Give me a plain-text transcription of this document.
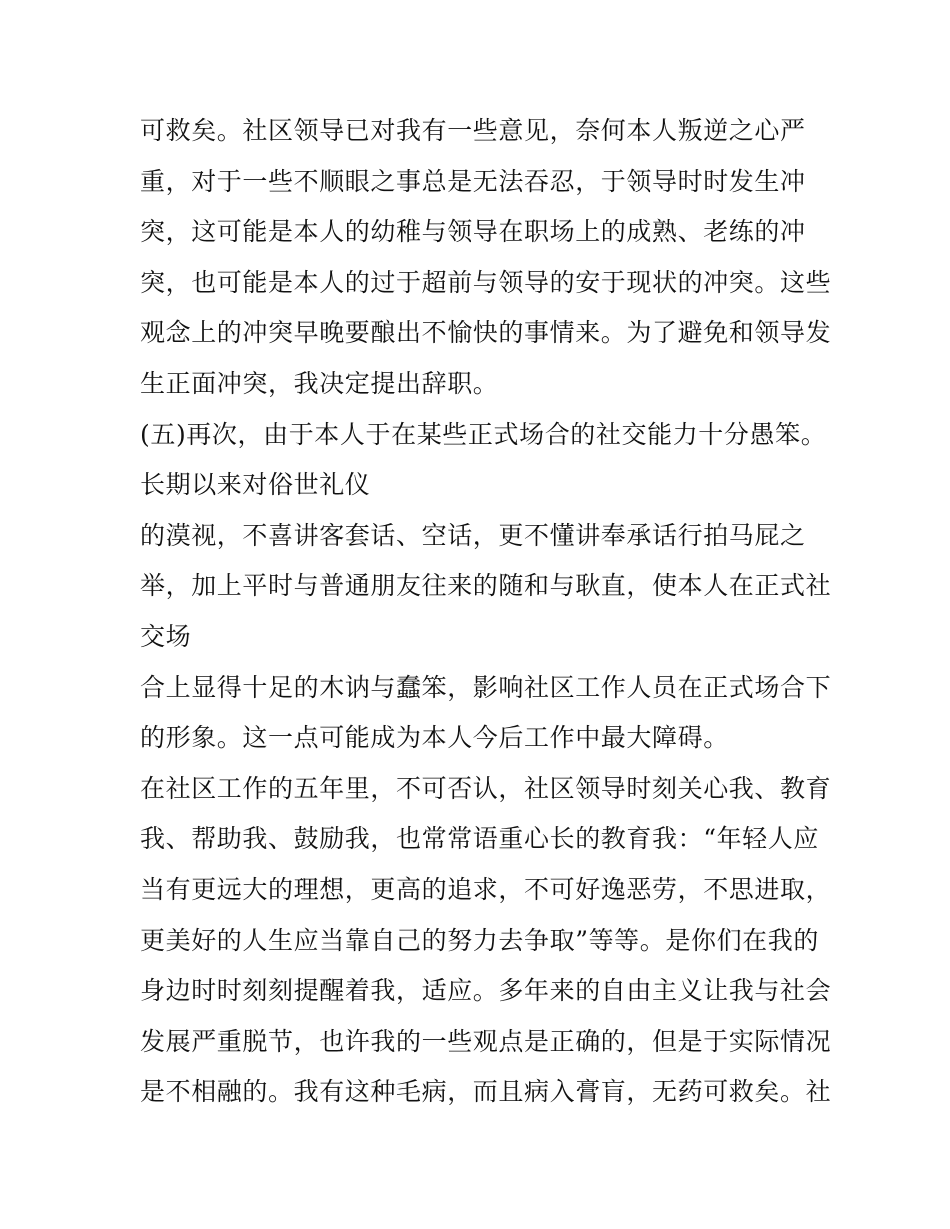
可救矣。社区领导已对我有一些意见，奈何本人叛逆之心严
重，对于一些不顺眼之事总是无法吞忍，于领导时时发生冲
突，这可能是本人的幼稚与领导在职场上的成熟、老练的冲
突，也可能是本人的过于超前与领导的安于现状的冲突。这些
观念上的冲突早晚要酿出不愉快的事情来。为了避免和领导发
生正面冲突，我决定提出辞职。
(五)再次，由于本人于在某些正式场合的社交能力十分愚笨。
长期以来对俗世礼仪
的漠视，不喜讲客套话、空话，更不懂讲奉承话行拍马屁之
举，加上平时与普通朋友往来的随和与耿直，使本人在正式社
交场
合上显得十足的木讷与蠢笨，影响社区工作人员在正式场合下
的形象。这一点可能成为本人今后工作中最大障碍。
在社区工作的五年里，不可否认，社区领导时刻关心我、教育
我、帮助我、鼓励我，也常常语重心长的教育我：“年轻人应
当有更远大的理想，更高的追求，不可好逸恶劳，不思进取，
更美好的人生应当靠自己的努力去争取”等等。是你们在我的
身边时时刻刻提醒着我，适应。多年来的自由主义让我与社会
发展严重脱节，也许我的一些观点是正确的，但是于实际情况
是不相融的。我有这种毛病，而且病入膏肓，无药可救矣。社
